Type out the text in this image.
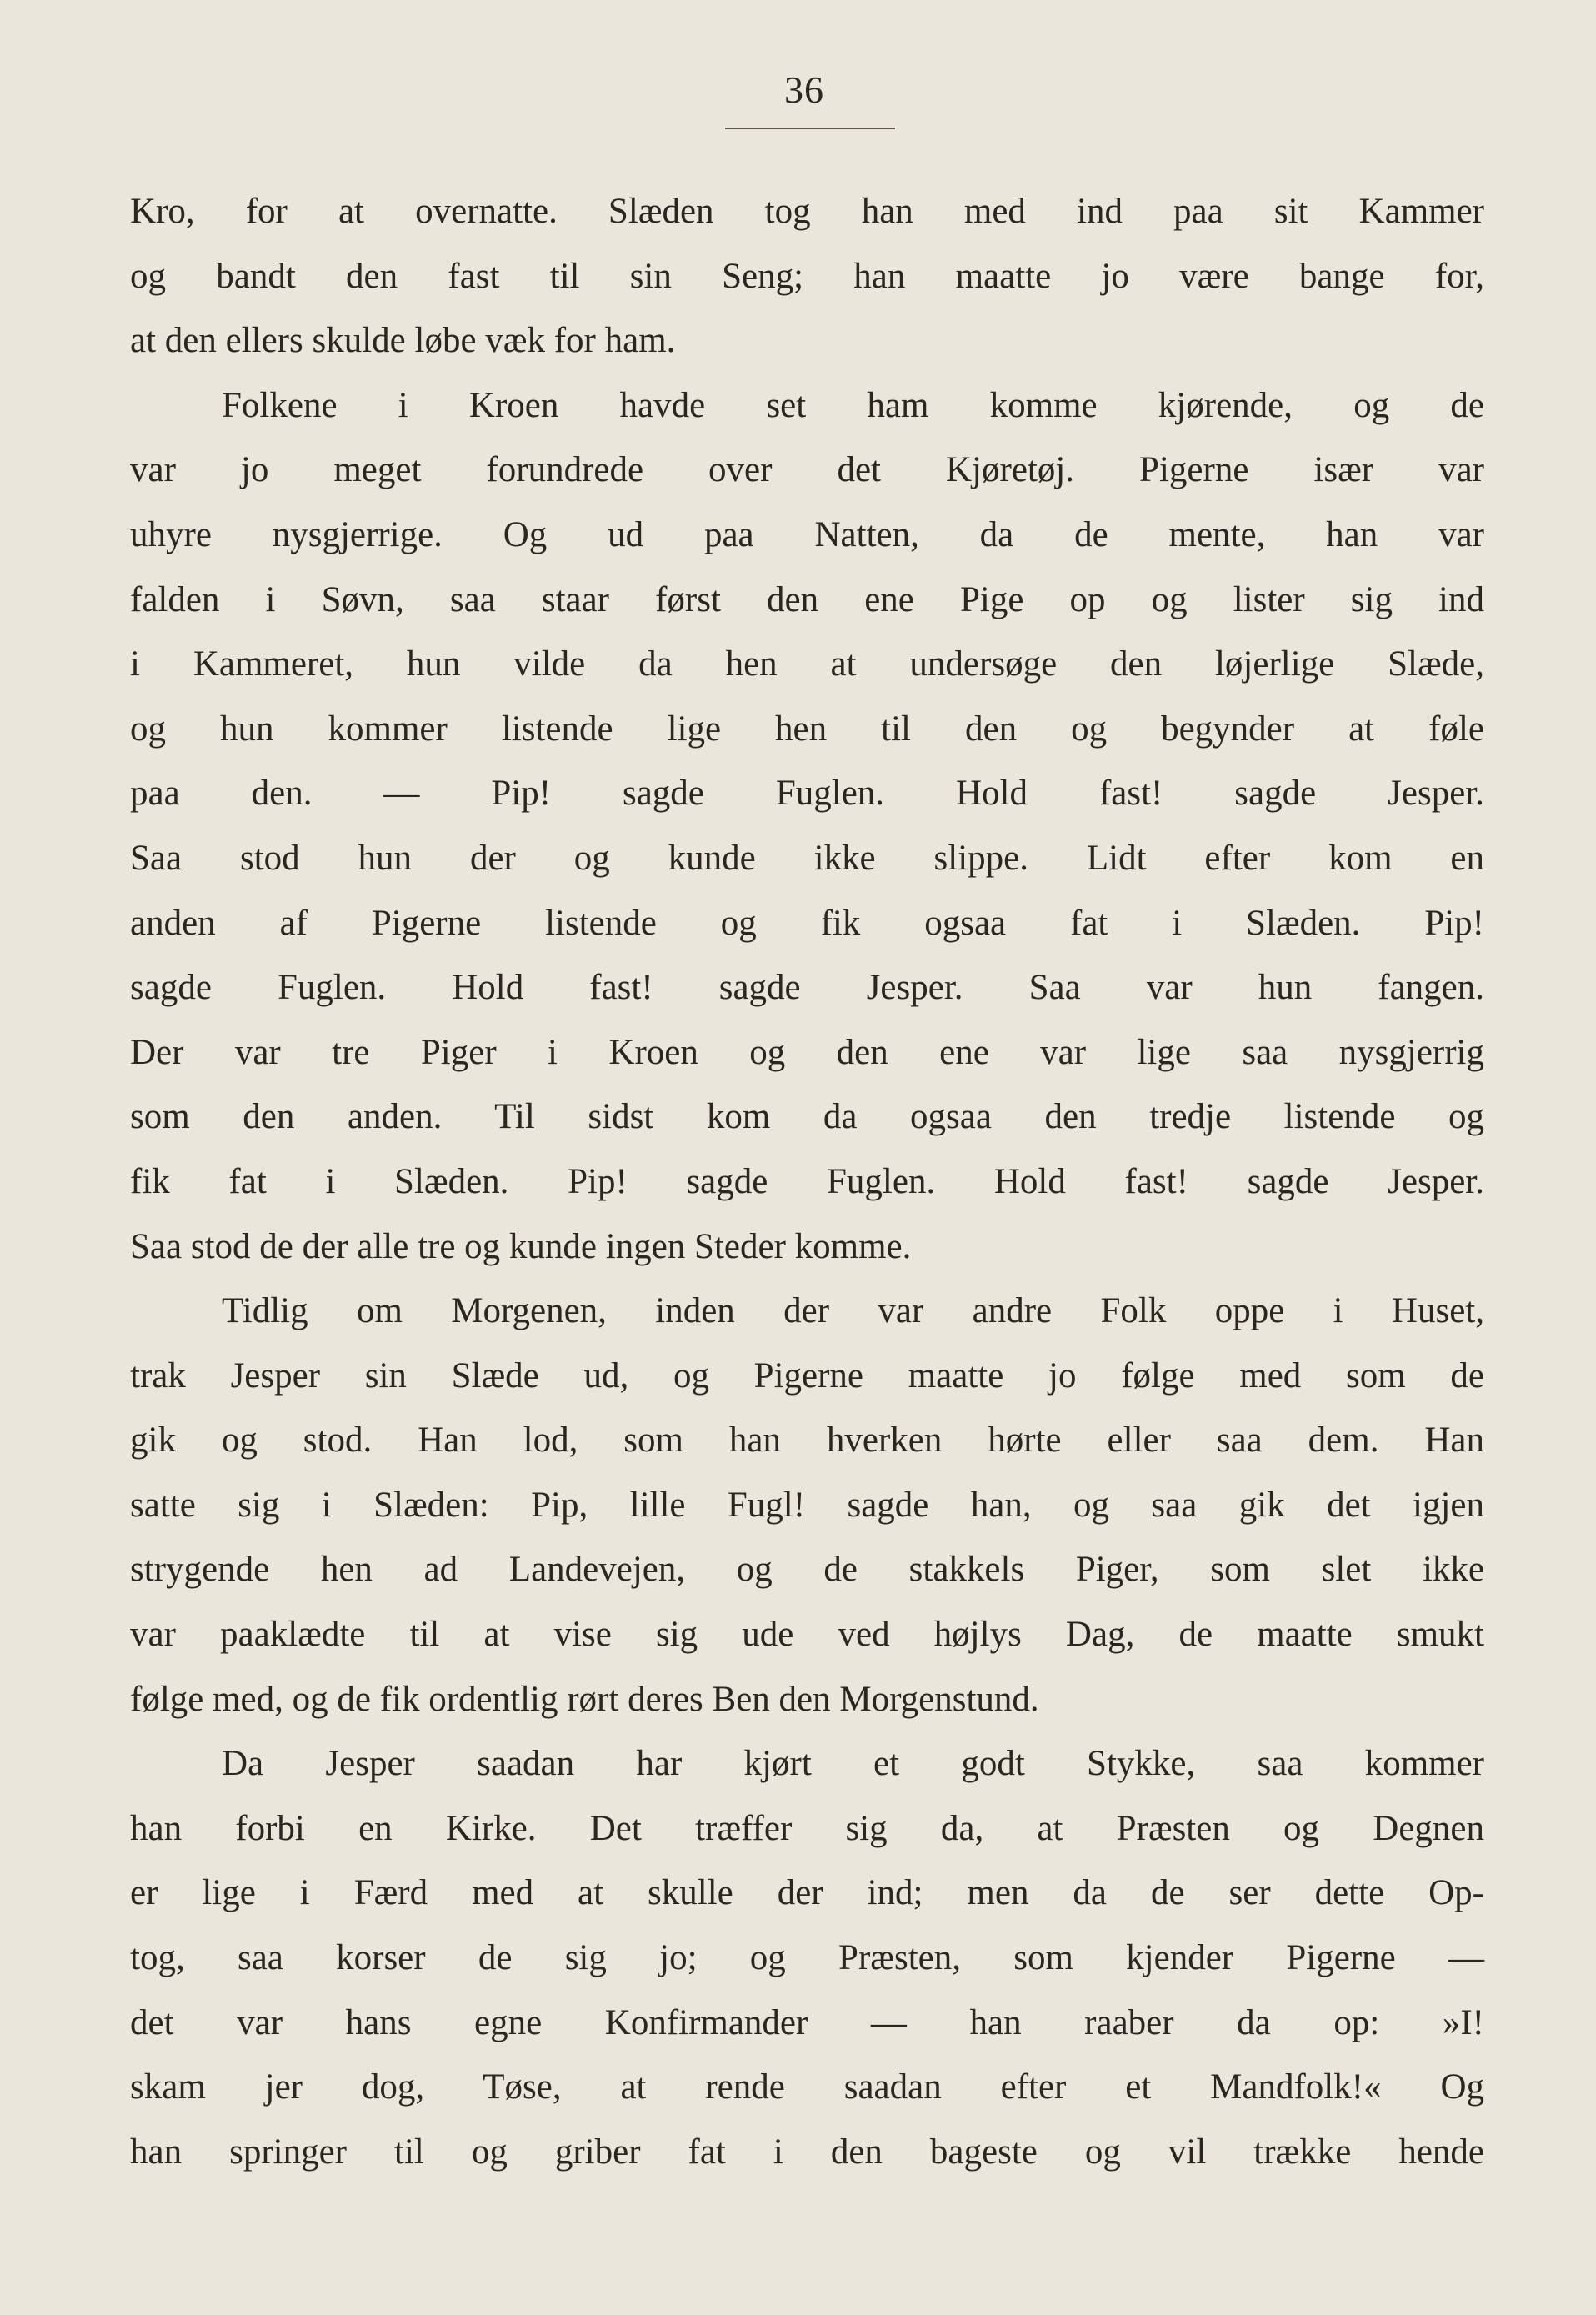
36
Kro, for at overnatte. Slæden tog han med ind paa sit Kammer
og bandt den fast til sin Seng; han maatte jo være bange for,
at den ellers skulde løbe væk for ham.
Folkene i Kroen havde set ham komme kjørende, og de
var jo meget forundrede over det Kjøretøj. Pigerne især var
uhyre nysgjerrige. Og ud paa Natten, da de mente, han var
falden i Søvn, saa staar først den ene Pige op og lister sig ind
i Kammeret, hun vilde da hen at undersøge den løjerlige Slæde,
og hun kommer listende lige hen til den og begynder at føle
paa den. — Pip! sagde Fuglen. Hold fast! sagde Jesper.
Saa stod hun der og kunde ikke slippe. Lidt efter kom en
anden af Pigerne listende og fik ogsaa fat i Slæden. Pip!
sagde Fuglen. Hold fast! sagde Jesper. Saa var hun fangen.
Der var tre Piger i Kroen og den ene var lige saa nysgjerrig
som den anden. Til sidst kom da ogsaa den tredje listende og
fik fat i Slæden. Pip! sagde Fuglen. Hold fast! sagde Jesper.
Saa stod de der alle tre og kunde ingen Steder komme.
Tidlig om Morgenen, inden der var andre Folk oppe i Huset,
trak Jesper sin Slæde ud, og Pigerne maatte jo følge med som de
gik og stod. Han lod, som han hverken hørte eller saa dem. Han
satte sig i Slæden: Pip, lille Fugl! sagde han, og saa gik det igjen
strygende hen ad Landevejen, og de stakkels Piger, som slet ikke
var paaklædte til at vise sig ude ved højlys Dag, de maatte smukt
følge med, og de fik ordentlig rørt deres Ben den Morgenstund.
Da Jesper saadan har kjørt et godt Stykke, saa kommer
han forbi en Kirke. Det træffer sig da, at Præsten og Degnen
er lige i Færd med at skulle der ind; men da de ser dette Op-
tog, saa korser de sig jo; og Præsten, som kjender Pigerne —
det var hans egne Konfirmander — han raaber da op: »I!
skam jer dog, Tøse, at rende saadan efter et Mandfolk!« Og
han springer til og griber fat i den bageste og vil trække hende
